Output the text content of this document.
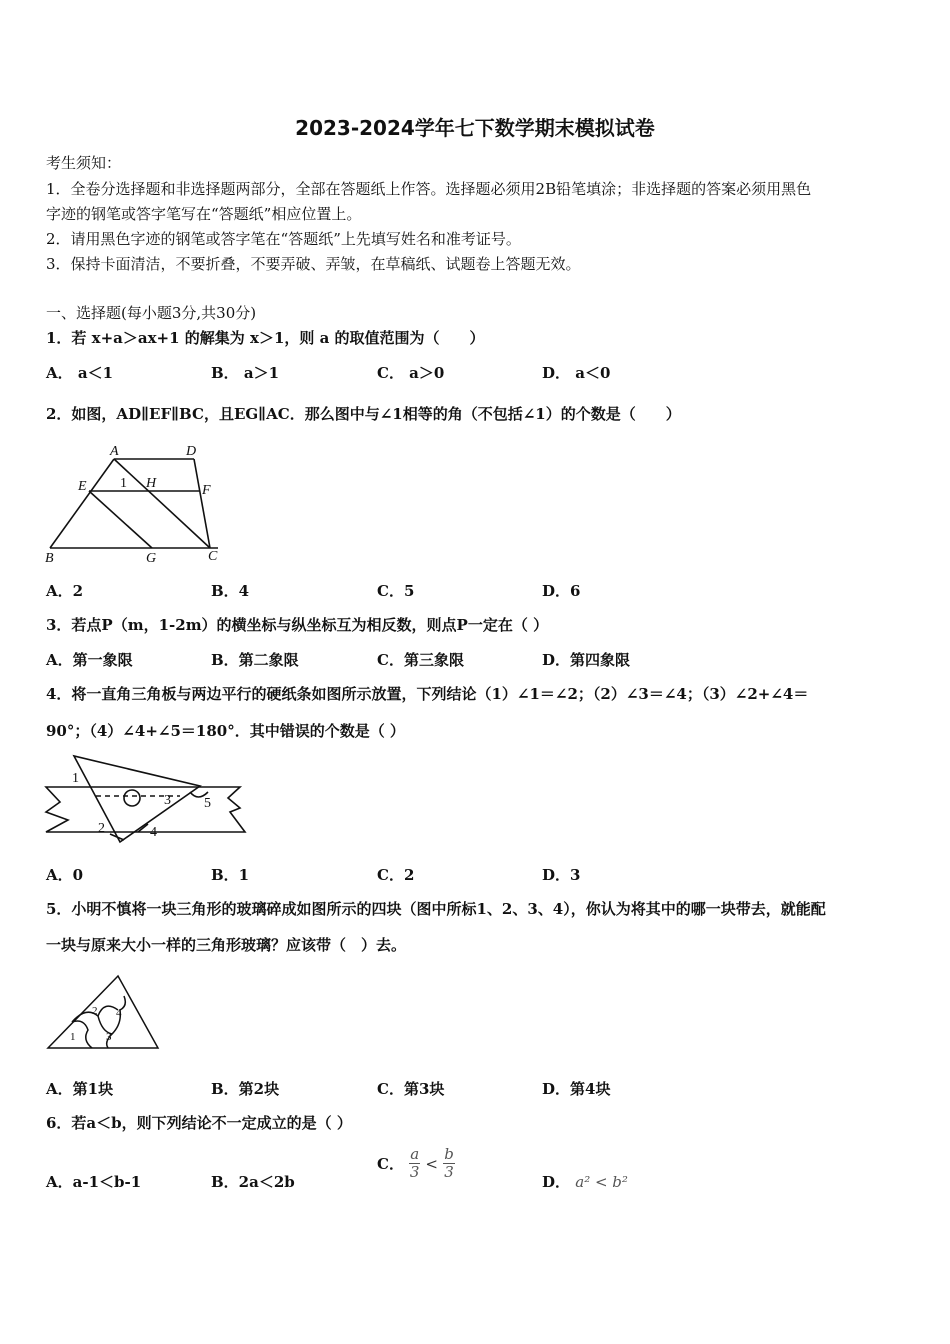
2023-2024学年七下数学期末模拟试卷
考生须知：
1．全卷分选择题和非选择题两部分，全部在答题纸上作答。选择题必须用2B铅笔填涂；非选择题的答案必须用黑色
字迹的钢笔或答字笔写在“答题纸”相应位置上。
2．请用黑色字迹的钢笔或答字笔在“答题纸”上先填写姓名和准考证号。
3．保持卡面清洁，不要折叠，不要弄破、弄皱，在草稿纸、试题卷上答题无效。
一、选择题(每小题3分,共30分)
1．若 x+a＞ax+1 的解集为 x＞1，则 a 的取值范围为（　　）
A． a＜1	B． a＞1	C． a＞0	D． a＜0
2．如图，AD∥EF∥BC，且EG∥AC．那么图中与∠1相等的角（不包括∠1）的个数是（　　）
A	D
E 1 H	F
B	G	C
A．2	B．4	C．5	D．6
3．若点P（m，1-2m）的横坐标与纵坐标互为相反数，则点P一定在（ ）
A．第一象限	B．第二象限	C．第三象限	D．第四象限
4．将一直角三角板与两边平行的硬纸条如图所示放置，下列结论（1）∠1＝∠2；（2）∠3＝∠4；（3）∠2+∠4＝
90°；（4）∠4+∠5＝180°．其中错误的个数是（ ）
1
3 5
2	4
A．0	B．1	C．2	D．3
5．小明不慎将一块三角形的玻璃碎成如图所示的四块（图中所标1、2、3、4），你认为将其中的哪一块带去，就能配
一块与原来大小一样的三角形玻璃？应该带（　）去。
2 4
1	3
A．第1块	B．第2块	C．第3块	D．第4块
6．若a＜b，则下列结论不一定成立的是（ ）
A．a-1＜b-1	B．2a＜2b
C． $\frac{a}{3} < \frac{b}{3}$
D． a² < b²
